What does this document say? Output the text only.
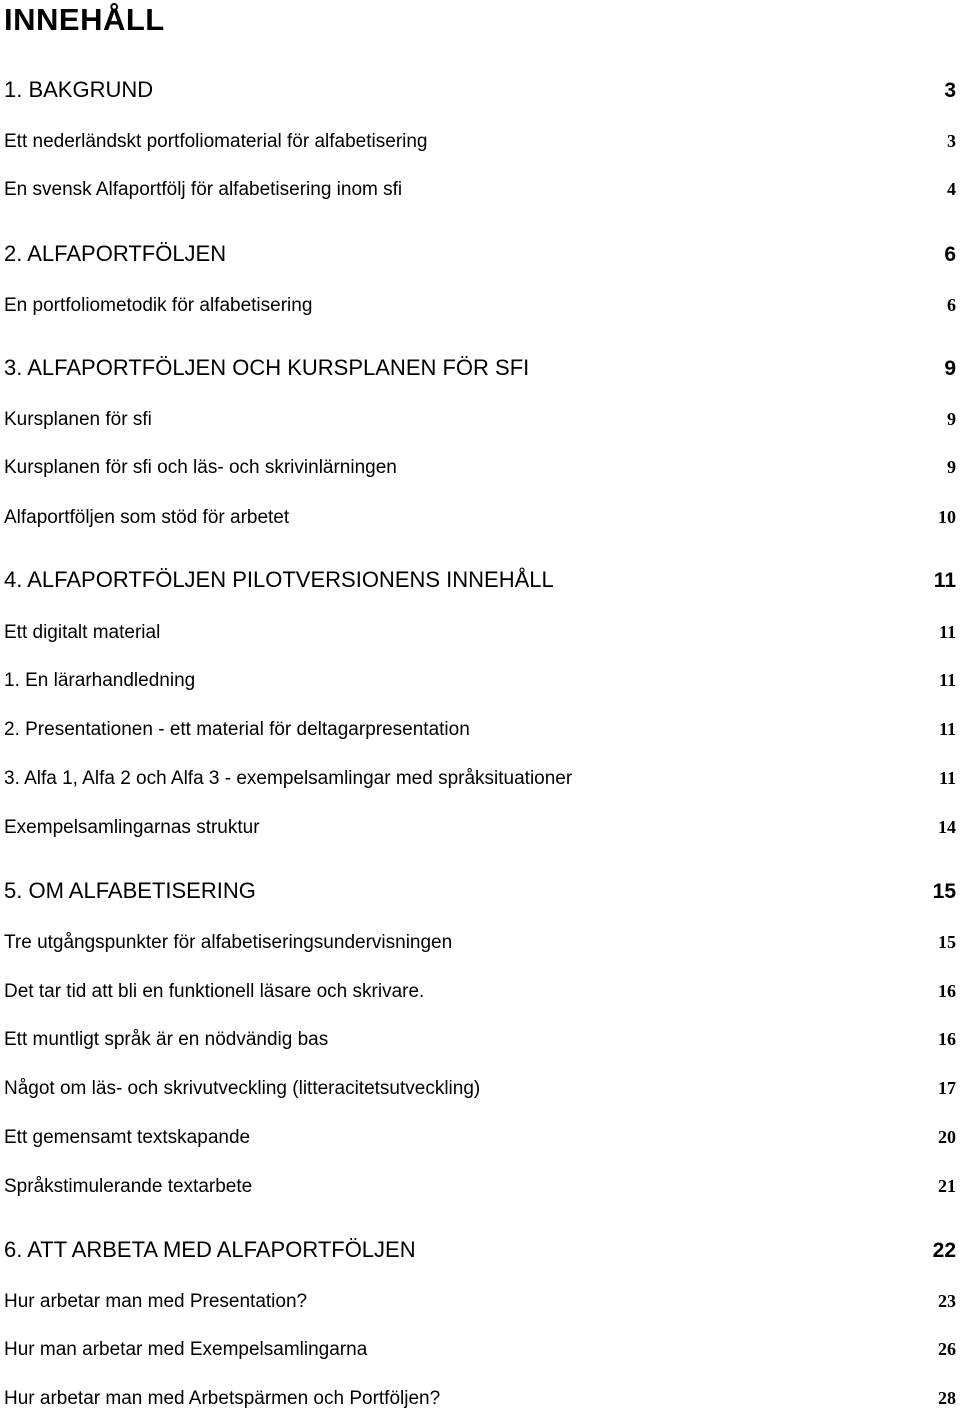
INNEHÅLL
1. BAKGRUND	3
Ett nederländskt portfoliomaterial för alfabetisering	3
En svensk Alfaportfölj för alfabetisering inom sfi	4
2. ALFAPORTFÖLJEN	6
En portfoliometodik för alfabetisering	6
3. ALFAPORTFÖLJEN OCH KURSPLANEN FÖR SFI	9
Kursplanen för sfi	9
Kursplanen för sfi och läs- och skrivinlärningen	9
Alfaportföljen som stöd för arbetet	10
4. ALFAPORTFÖLJEN PILOTVERSIONENS INNEHÅLL	11
Ett digitalt material	11
1. En lärarhandledning	11
2. Presentationen - ett material för deltagarpresentation	11
3. Alfa 1, Alfa 2 och Alfa 3 - exempelsamlingar med språksituationer	11
Exempelsamlingarnas struktur	14
5. OM ALFABETISERING	15
Tre utgångspunkter för alfabetiseringsundervisningen	15
Det tar tid att bli en funktionell läsare och skrivare.	16
Ett muntligt språk är en nödvändig bas	16
Något om läs- och skrivutveckling (litteracitetsutveckling)	17
Ett gemensamt textskapande	20
Språkstimulerande textarbete	21
6. ATT ARBETA MED ALFAPORTFÖLJEN	22
Hur arbetar man med Presentation?	23
Hur man arbetar med Exempelsamlingarna	26
Hur arbetar man med Arbetspärmen och Portföljen?	28
